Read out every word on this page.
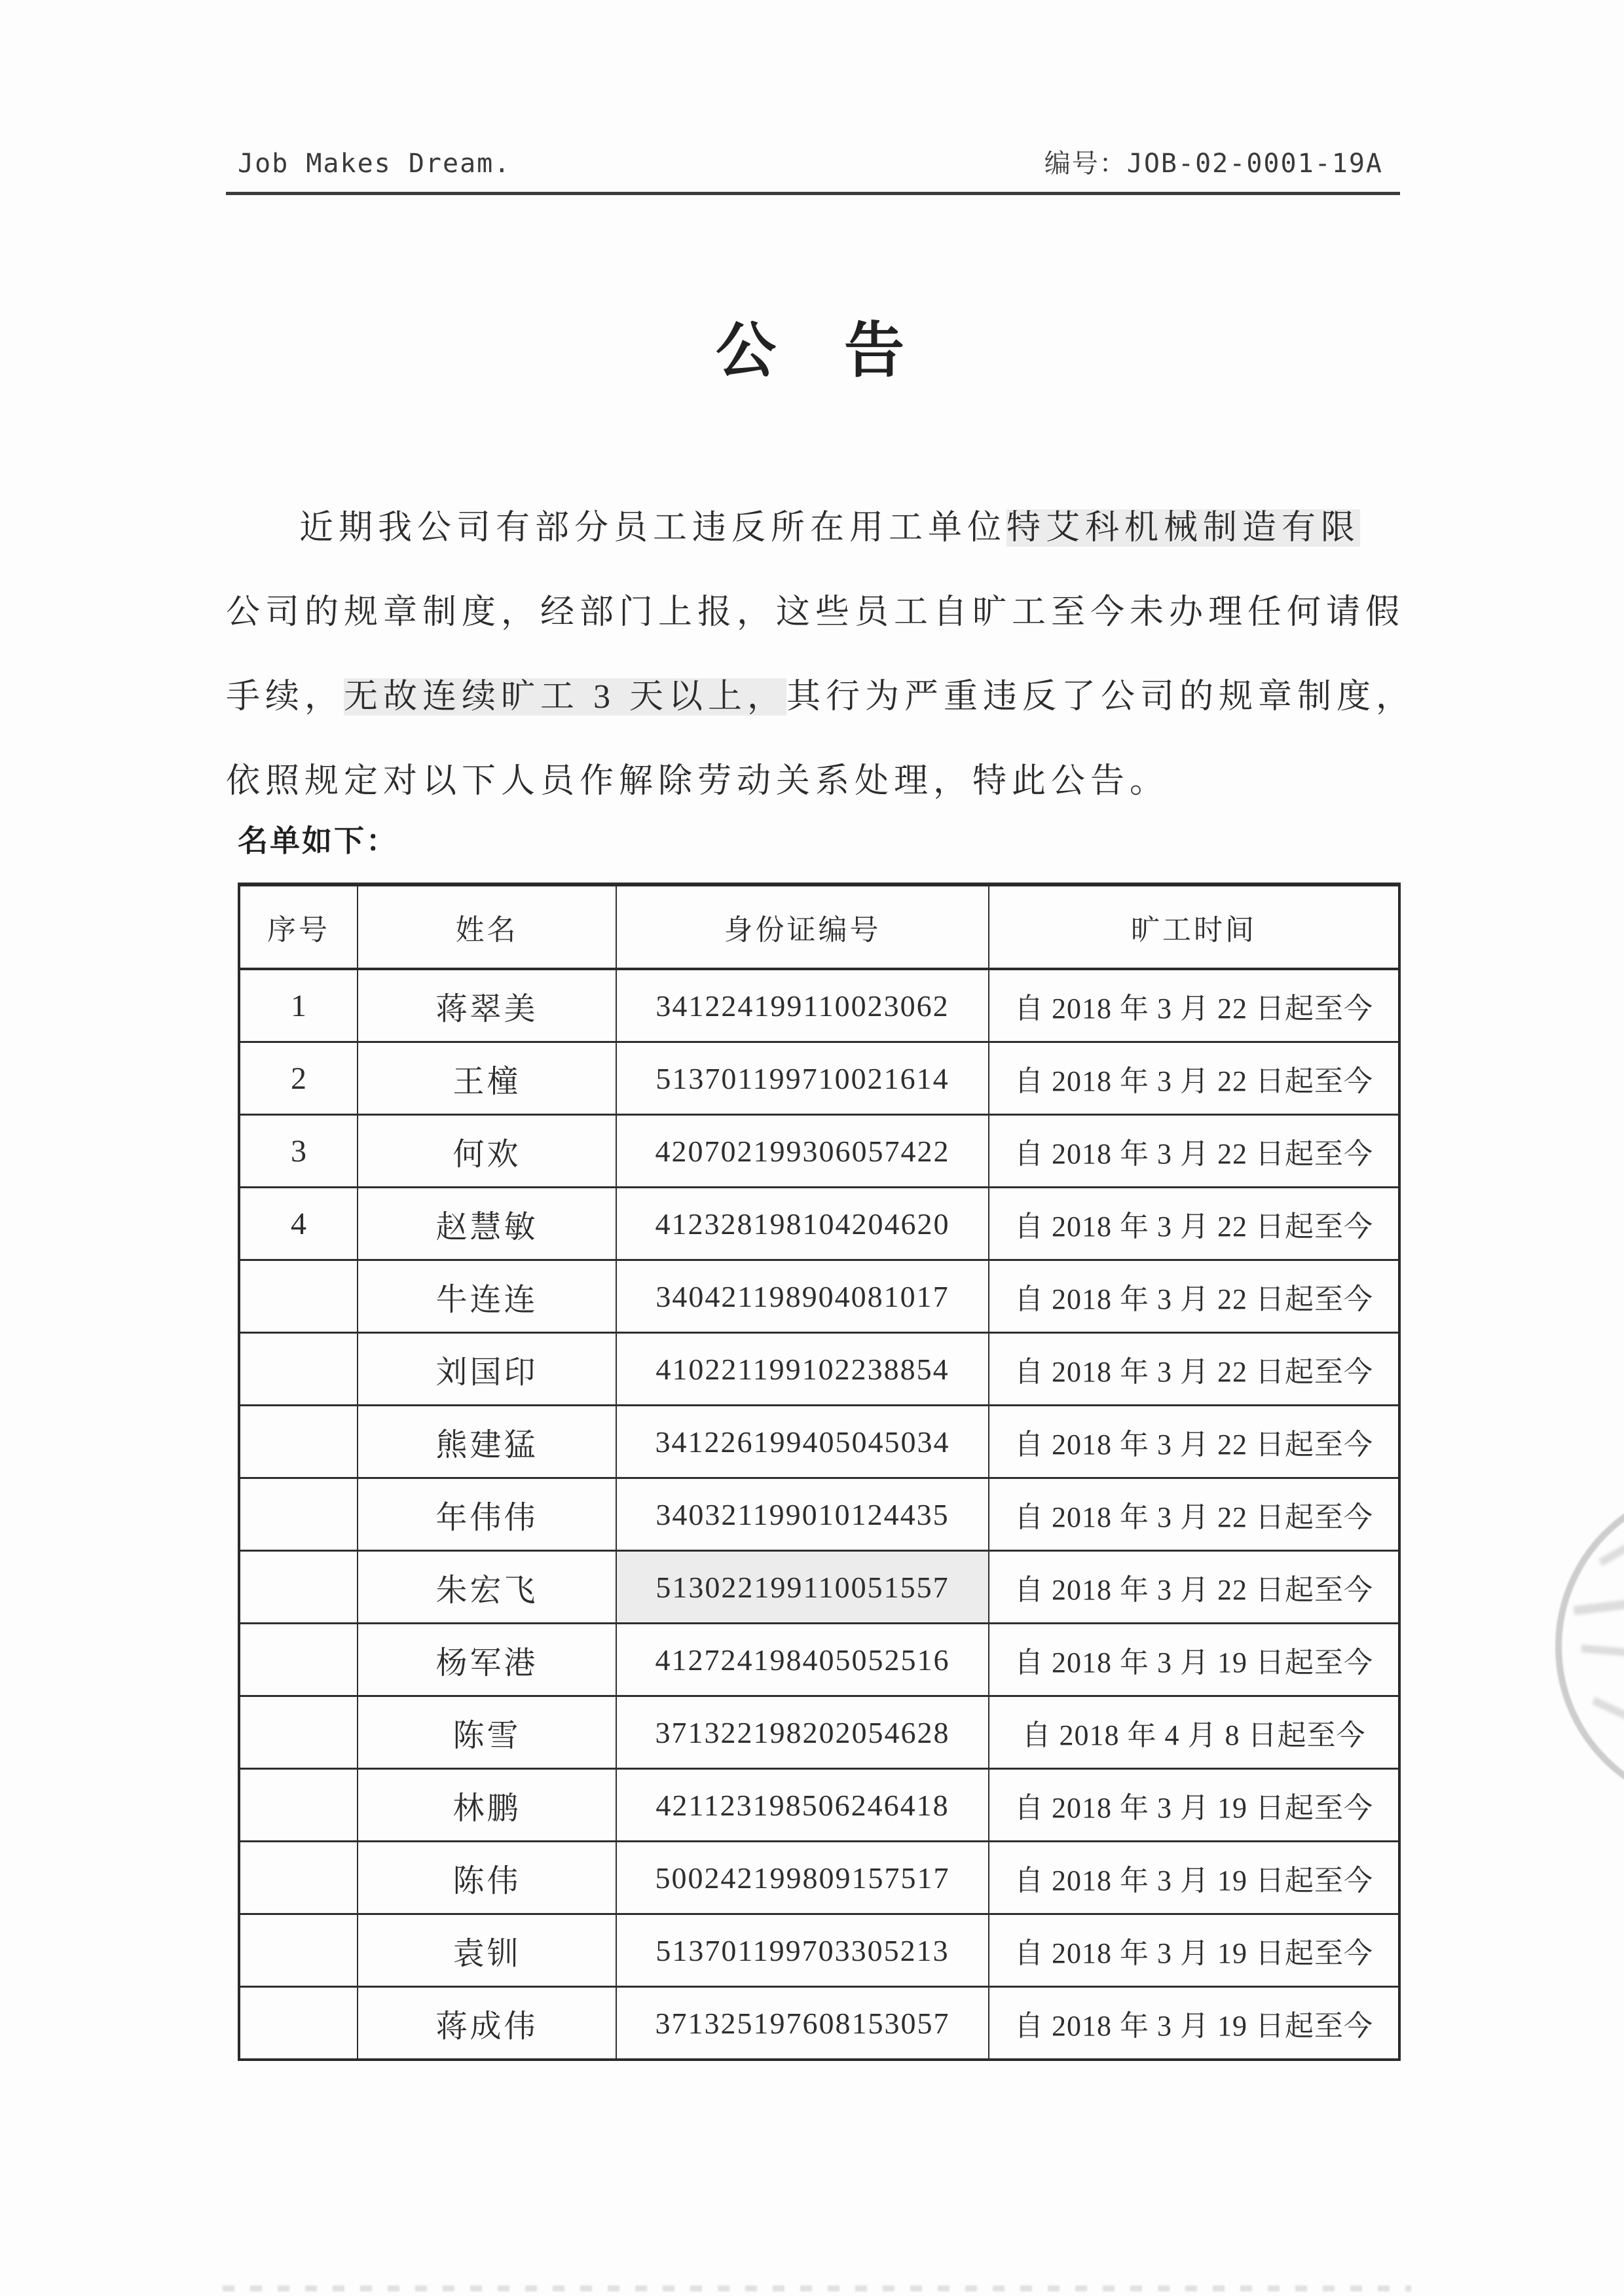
Job Makes Dream.	编号：JOB-02-0001-19A
公　告
近期我公司有部分员工违反所在用工单位特艾科机械制造有限
公司的规章制度，经部门上报，这些员工自旷工至今未办理任何请假
手续，无故连续旷工 3 天以上，其行为严重违反了公司的规章制度，
依照规定对以下人员作解除劳动关系处理，特此公告。
名单如下：
序号	姓名	身份证编号	旷工时间
1	蒋翠美	341224199110023062	自 2018 年 3 月 22 日起至今
2	王橦	513701199710021614	自 2018 年 3 月 22 日起至今
3	何欢	420702199306057422	自 2018 年 3 月 22 日起至今
4	赵慧敏	412328198104204620	自 2018 年 3 月 22 日起至今
	牛连连	340421198904081017	自 2018 年 3 月 22 日起至今
	刘国印	410221199102238854	自 2018 年 3 月 22 日起至今
	熊建猛	341226199405045034	自 2018 年 3 月 22 日起至今
	年伟伟	340321199010124435	自 2018 年 3 月 22 日起至今
	朱宏飞	513022199110051557	自 2018 年 3 月 22 日起至今
	杨军港	412724198405052516	自 2018 年 3 月 19 日起至今
	陈雪	371322198202054628	自 2018 年 4 月 8 日起至今
	林鹏	421123198506246418	自 2018 年 3 月 19 日起至今
	陈伟	500242199809157517	自 2018 年 3 月 19 日起至今
	袁钏	513701199703305213	自 2018 年 3 月 19 日起至今
	蒋成伟	371325197608153057	自 2018 年 3 月 19 日起至今
